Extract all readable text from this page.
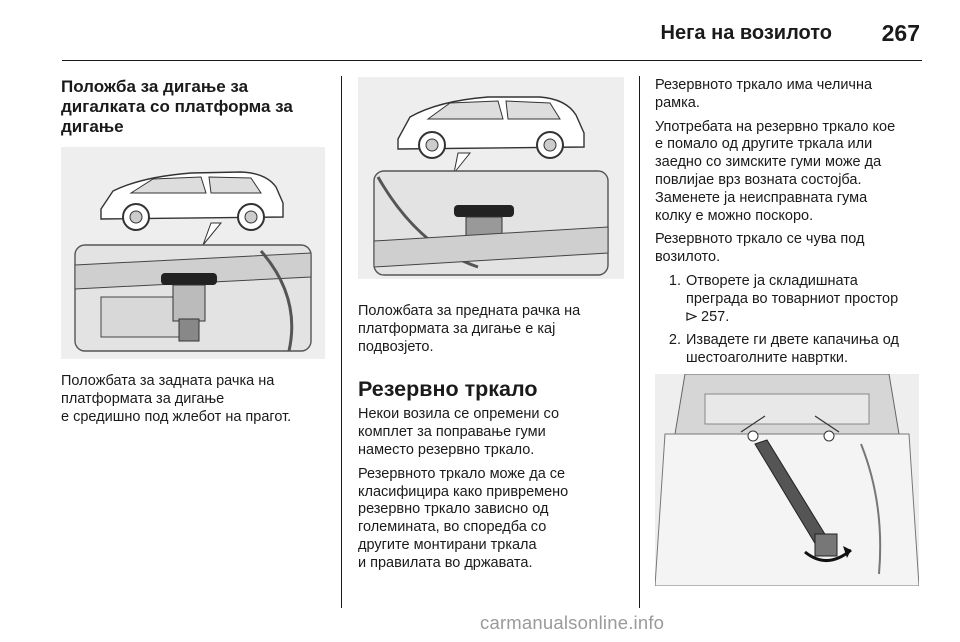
Нега на возилото 267
Положба за дигање за дигалката со платформа за дигање

Положбата за задната рачка на
платформата за дигање
е средишно под жлебот на прагот.

Положбата за предната рачка на
платформата за дигање е кај
подвозјето.

Резервно тркало

Некои возила се опремени со
комплет за поправање гуми
наместо резервно тркало.

Резервното тркало може да се
класифицира како привремено
резервно тркало зависно од
големината, во споредба со
другите монтирани тркала
и правилата во државата.

Резервното тркало има челична
рамка.

Употребата на резервно тркало кое
е помало од другите тркала или
заедно со зимските гуми може да
повлијае врз возната состојба.
Заменете ја неисправната гума
колку е можно поскоро.

Резервното тркало се чува под
возилото.

1. Отворете ја складишната
преграда во товарниот простор
257.
2. Извадете ги двете капачиња од
шестоаголните навртки.
carmanualsonline.info
